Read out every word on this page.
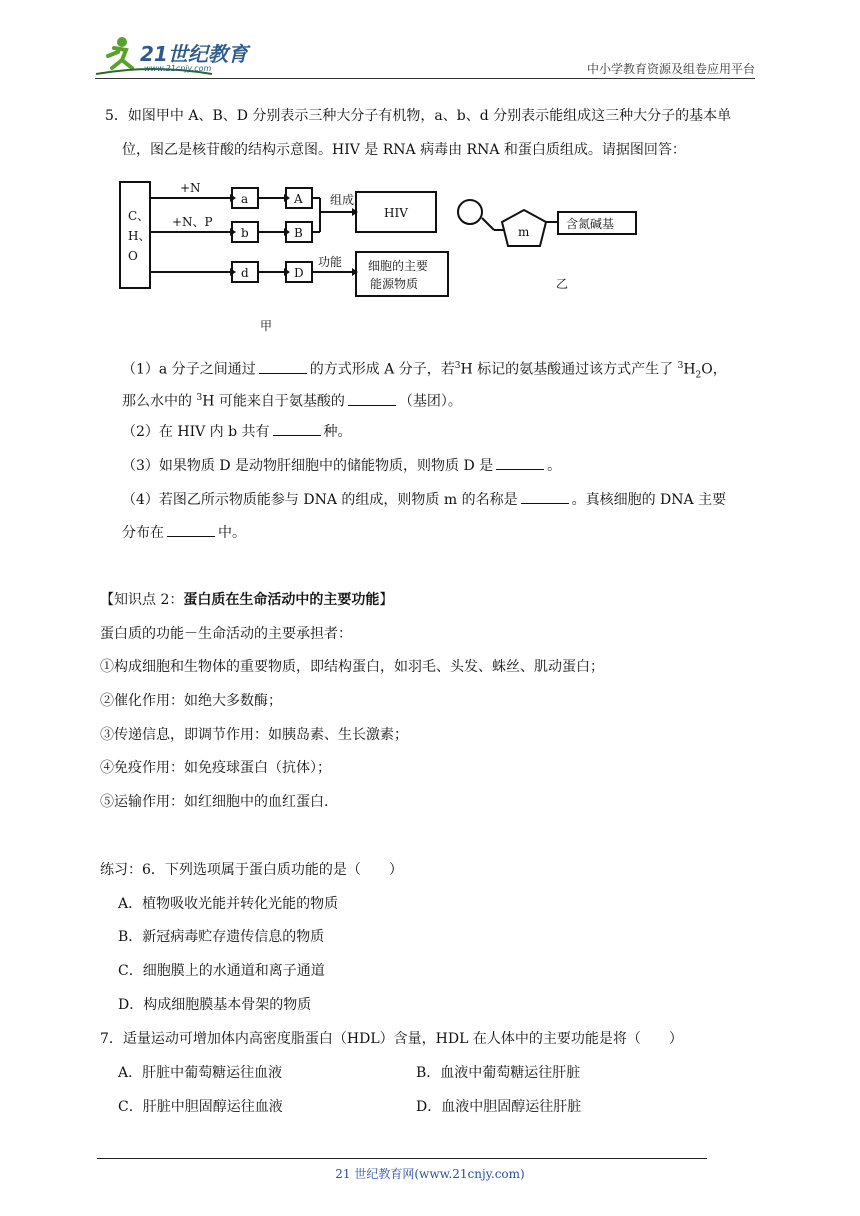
21世纪教育
www.21cnjy.com	中小学教育资源及组卷应用平台
5．如图甲中 A、B、D 分别表示三种大分子有机物，a、b、d 分别表示能组成这三种大分子的基本单
位，图乙是核苷酸的结构示意图。HIV 是 RNA 病毒由 RNA 和蛋白质组成。请据图回答：
C、
H、
O
+N
+N、P
a
b
d
A
B
D
组成
功能
HIV
细胞的主要
能源物质
甲
m
含氮碱基
乙
（1）a 分子之间通过	的方式形成 A 分子，若$^3$H 标记的氨基酸通过该方式产生了 $^3H_2O$，
那么水中的 $^3$H 可能来自于氨基酸的	（基团）。
（2）在 HIV 内 b 共有	种。
（3）如果物质 D 是动物肝细胞中的储能物质，则物质 D 是	。
（4）若图乙所示物质能参与 DNA 的组成，则物质 m 的名称是	。真核细胞的 DNA 主要
分布在	中。
【知识点 2：蛋白质在生命活动中的主要功能】
蛋白质的功能－生命活动的主要承担者：
①构成细胞和生物体的重要物质，即结构蛋白，如羽毛、头发、蛛丝、肌动蛋白；
②催化作用：如绝大多数酶；
③传递信息，即调节作用：如胰岛素、生长激素；
④免疫作用：如免疫球蛋白（抗体）；
⑤运输作用：如红细胞中的血红蛋白.
练习：6．下列选项属于蛋白质功能的是（　　）
A．植物吸收光能并转化光能的物质
B．新冠病毒贮存遗传信息的物质
C．细胞膜上的水通道和离子通道
D．构成细胞膜基本骨架的物质
7．适量运动可增加体内高密度脂蛋白（HDL）含量，HDL 在人体中的主要功能是将（　　）
A．肝脏中葡萄糖运往血液	B．血液中葡萄糖运往肝脏
C．肝脏中胆固醇运往血液	D．血液中胆固醇运往肝脏
21 世纪教育网(www.21cnjy.com)
